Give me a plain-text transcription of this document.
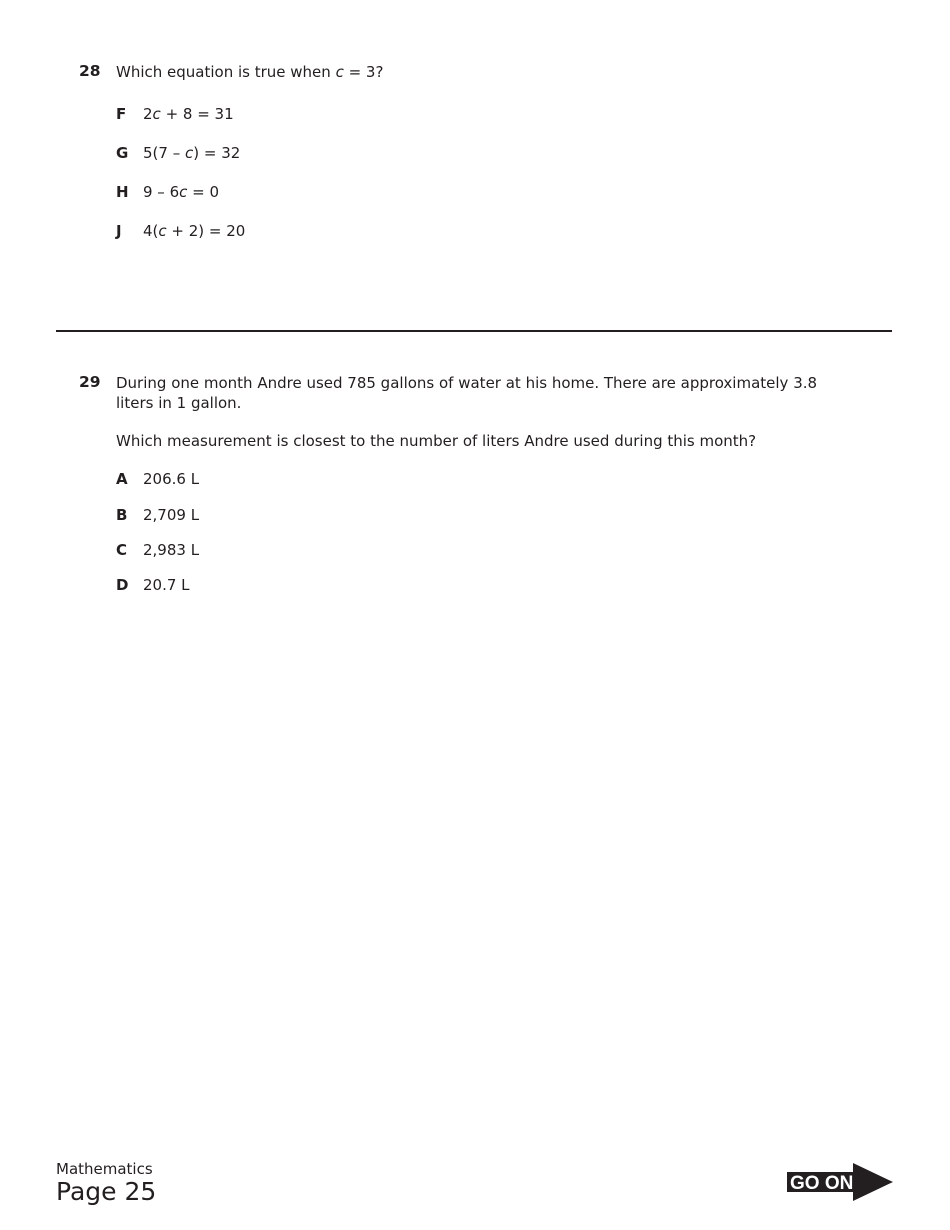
28 Which equation is true when c = 3?

F 2c + 8 = 31
G 5(7 – c) = 32
H 9 – 6c = 0
J 4(c + 2) = 20
29 During one month Andre used 785 gallons of water at his home. There are approximately 3.8 liters in 1 gallon.

Which measurement is closest to the number of liters Andre used during this month?

A 206.6 L
B 2,709 L
C 2,983 L
D 20.7 L
Mathematics
Page 25	GO ON
